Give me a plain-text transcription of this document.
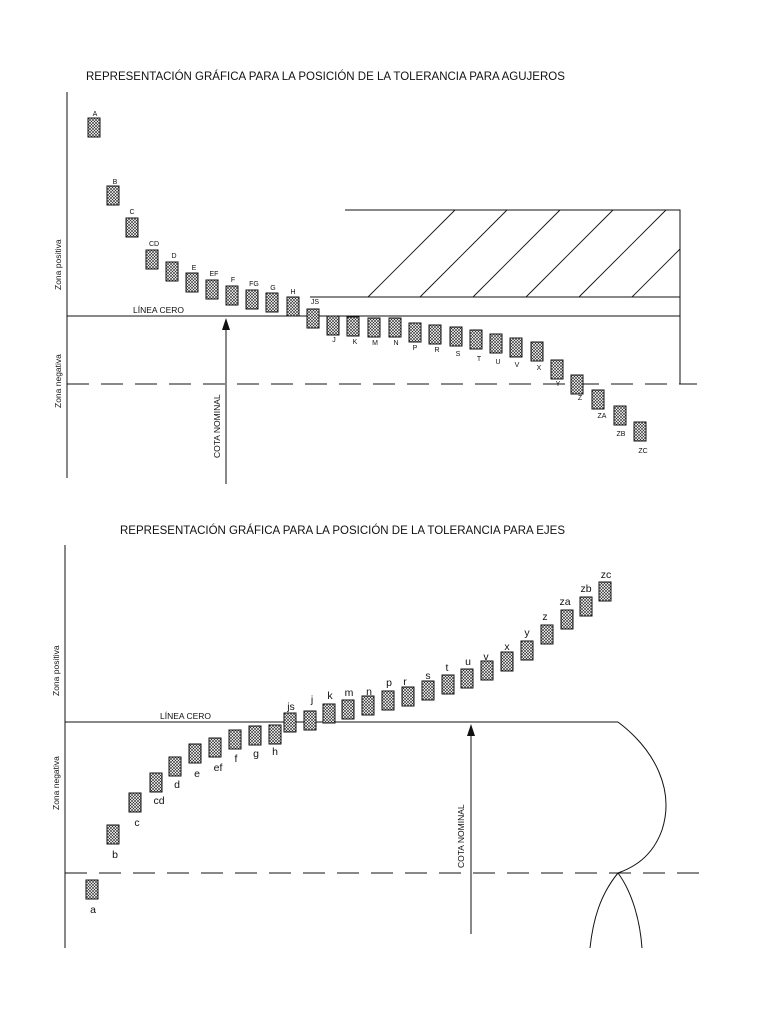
REPRESENTACIÓN GRÁFICA PARA LA POSICIÓN DE LA TOLERANCIA PARA AGUJEROS
Zona positiva
Zona negativa
LÍNEA CERO
COTA NOMINAL
A
B
C
CD
D
E
EF
F
FG
G
H
JS
J K M N
P R
S
T U V X
Y
Z
ZA
ZB
ZC
REPRESENTACIÓN GRÁFICA PARA LA POSICIÓN DE LA TOLERANCIA PARA EJES
Zona positiva
Zona negativa
LÍNEA CERO
COTA NOMINAL
a
b
c
cd
d
e ef
f g h
js
j k m n
p r s
t u v
x
y
z
za
zb
zc
